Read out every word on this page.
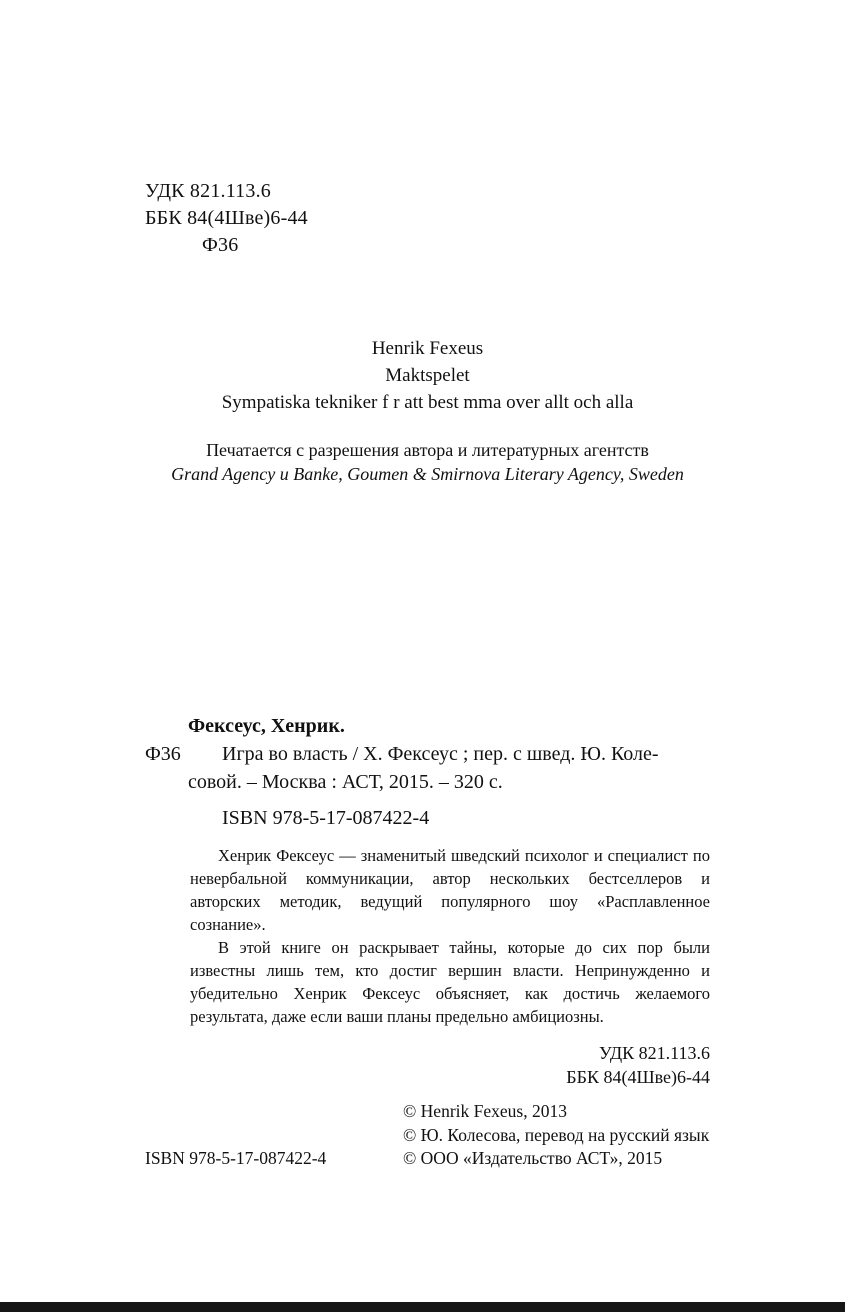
УДК 821.113.6
ББК 84(4Шве)6-44
Ф36
Henrik Fexeus
Maktspelet
Sympatiska tekniker f r att best mma over allt och alla
Печатается с разрешения автора и литературных агентств
Grand Agency и Banke, Goumen & Smirnova Literary Agency, Sweden
Фексеус, Хенрик.
Ф36	Игра во власть / Х. Фексеус ; пер. с швед. Ю. Коле-
совой. – Москва : АСТ, 2015. – 320 с.
ISBN 978-5-17-087422-4

Хенрик Фексеус — знаменитый шведский психолог и специалист по невербальной коммуникации, автор нескольких бестселлеров и авторских методик, ведущий популярного шоу «Расплавленное сознание».

В этой книге он раскрывает тайны, которые до сих пор были известны лишь тем, кто достиг вершин власти. Непринужденно и убедительно Хенрик Фексеус объясняет, как достичь желаемого результата, даже если ваши планы предельно амбициозны.

УДК 821.113.6
ББК 84(4Шве)6-44
© Henrik Fexeus, 2013
© Ю. Колесова, перевод на русский язык
© ООО «Издательство АСТ», 2015
ISBN 978-5-17-087422-4
